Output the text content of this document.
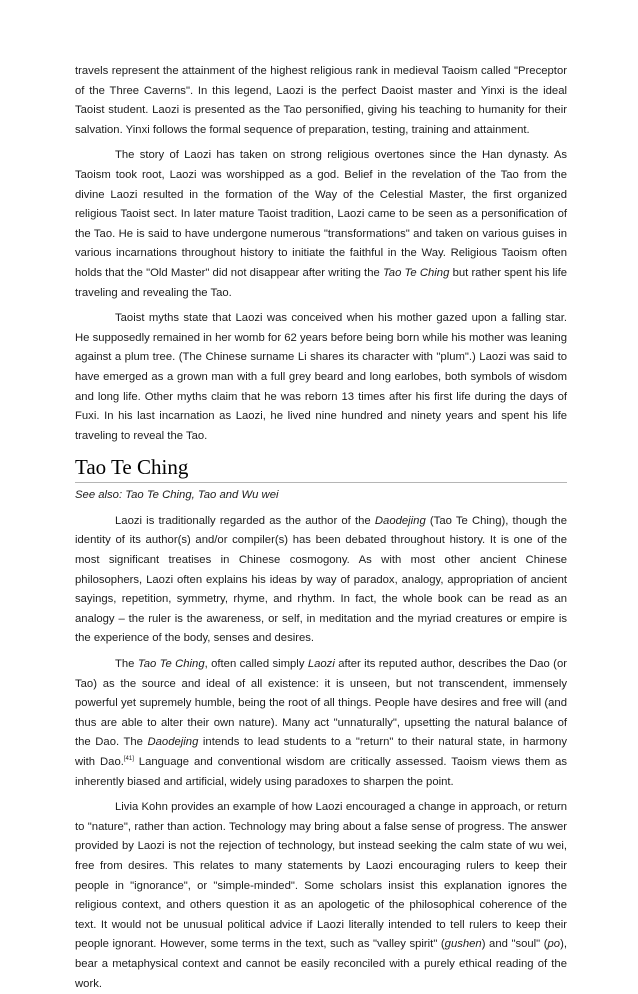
travels represent the attainment of the highest religious rank in medieval Taoism called "Preceptor of the Three Caverns". In this legend, Laozi is the perfect Daoist master and Yinxi is the ideal Taoist student. Laozi is presented as the Tao personified, giving his teaching to humanity for their salvation. Yinxi follows the formal sequence of preparation, testing, training and attainment.

The story of Laozi has taken on strong religious overtones since the Han dynasty. As Taoism took root, Laozi was worshipped as a god. Belief in the revelation of the Tao from the divine Laozi resulted in the formation of the Way of the Celestial Master, the first organized religious Taoist sect. In later mature Taoist tradition, Laozi came to be seen as a personification of the Tao. He is said to have undergone numerous "transformations" and taken on various guises in various incarnations throughout history to initiate the faithful in the Way. Religious Taoism often holds that the "Old Master" did not disappear after writing the Tao Te Ching but rather spent his life traveling and revealing the Tao.

Taoist myths state that Laozi was conceived when his mother gazed upon a falling star. He supposedly remained in her womb for 62 years before being born while his mother was leaning against a plum tree. (The Chinese surname Li shares its character with "plum".) Laozi was said to have emerged as a grown man with a full grey beard and long earlobes, both symbols of wisdom and long life. Other myths claim that he was reborn 13 times after his first life during the days of Fuxi. In his last incarnation as Laozi, he lived nine hundred and ninety years and spent his life traveling to reveal the Tao.

Tao Te Ching

See also: Tao Te Ching, Tao and Wu wei

Laozi is traditionally regarded as the author of the Daodejing (Tao Te Ching), though the identity of its author(s) and/or compiler(s) has been debated throughout history. It is one of the most significant treatises in Chinese cosmogony. As with most other ancient Chinese philosophers, Laozi often explains his ideas by way of paradox, analogy, appropriation of ancient sayings, repetition, symmetry, rhyme, and rhythm. In fact, the whole book can be read as an analogy – the ruler is the awareness, or self, in meditation and the myriad creatures or empire is the experience of the body, senses and desires.

The Tao Te Ching, often called simply Laozi after its reputed author, describes the Dao (or Tao) as the source and ideal of all existence: it is unseen, but not transcendent, immensely powerful yet supremely humble, being the root of all things. People have desires and free will (and thus are able to alter their own nature). Many act "unnaturally", upsetting the natural balance of the Dao. The Daodejing intends to lead students to a "return" to their natural state, in harmony with Dao.[41] Language and conventional wisdom are critically assessed. Taoism views them as inherently biased and artificial, widely using paradoxes to sharpen the point.

Livia Kohn provides an example of how Laozi encouraged a change in approach, or return to "nature", rather than action. Technology may bring about a false sense of progress. The answer provided by Laozi is not the rejection of technology, but instead seeking the calm state of wu wei, free from desires. This relates to many statements by Laozi encouraging rulers to keep their people in "ignorance", or "simple-minded". Some scholars insist this explanation ignores the religious context, and others question it as an apologetic of the philosophical coherence of the text. It would not be unusual political advice if Laozi literally intended to tell rulers to keep their people ignorant. However, some terms in the text, such as "valley spirit" (gushen) and "soul" (po), bear a metaphysical context and cannot be easily reconciled with a purely ethical reading of the work.
